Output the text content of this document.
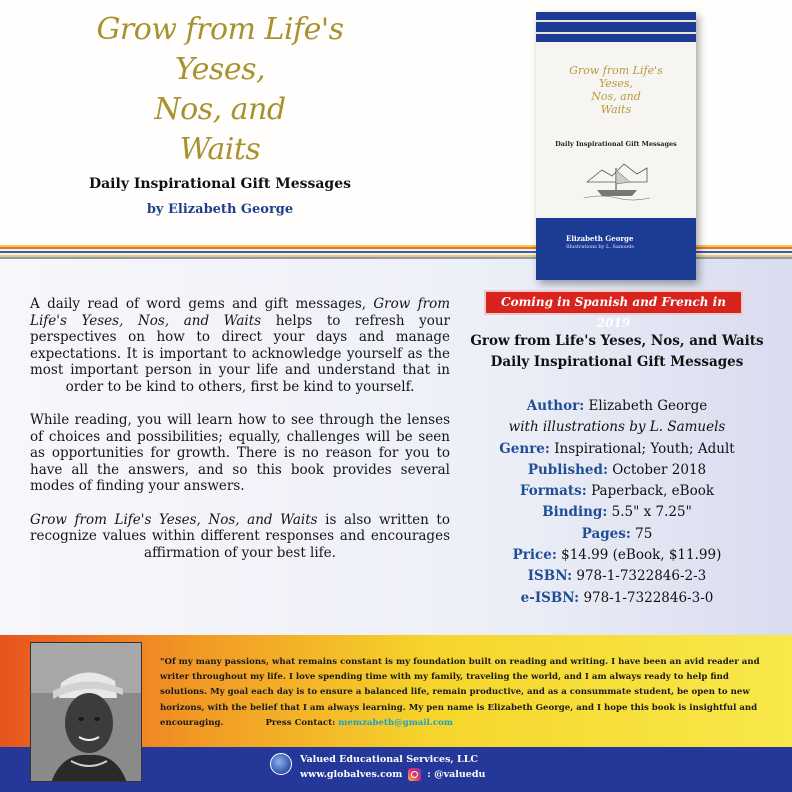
Grow from Life's
Yeses,
Nos, and
Waits
Daily Inspirational Gift Messages
by Elizabeth George
Grow from Life's
Yeses,
Nos, and
Waits
Daily Inspirational Gift Messages
Elizabeth George
Illustrations by L. Samuels

A daily read of word gems and gift messages, Grow from Life's Yeses, Nos, and Waits helps to refresh your perspectives on how to direct your days and manage expectations. It is important to acknowledge yourself as the most important person in your life and understand that in order to be kind to others, first be kind to yourself.

While reading, you will learn how to see through the lenses of choices and possibilities; equally, challenges will be seen as opportunities for growth. There is no reason for you to have all the answers, and so this book provides several modes of finding your answers.

Grow from Life's Yeses, Nos, and Waits is also written to recognize values within different responses and encourages affirmation of your best life.

Coming in Spanish and French in 2019
Grow from Life's Yeses, Nos, and Waits
Daily Inspirational Gift Messages
Author: Elizabeth George
with illustrations by L. Samuels
Genre: Inspirational; Youth; Adult
Published: October 2018
Formats: Paperback, eBook
Binding: 5.5" x 7.25"
Pages: 75
Price: $14.99 (eBook, $11.99)
ISBN: 978-1-7322846-2-3
e-ISBN: 978-1-7322846-3-0
"Of my many passions, what remains constant is my foundation built on reading and writing. I have been an avid reader and writer throughout my life. I love spending time with my family, traveling the world, and I am always ready to help find solutions. My goal each day is to ensure a balanced life, remain productive, and as a consummate student, be open to new horizons, with the belief that I am always learning. My pen name is Elizabeth George, and I hope this book is insightful and encouraging.	Press Contact: memzabeth@gmail.com
Valued Educational Services, LLC
www.globalves.com	: @valuedu
